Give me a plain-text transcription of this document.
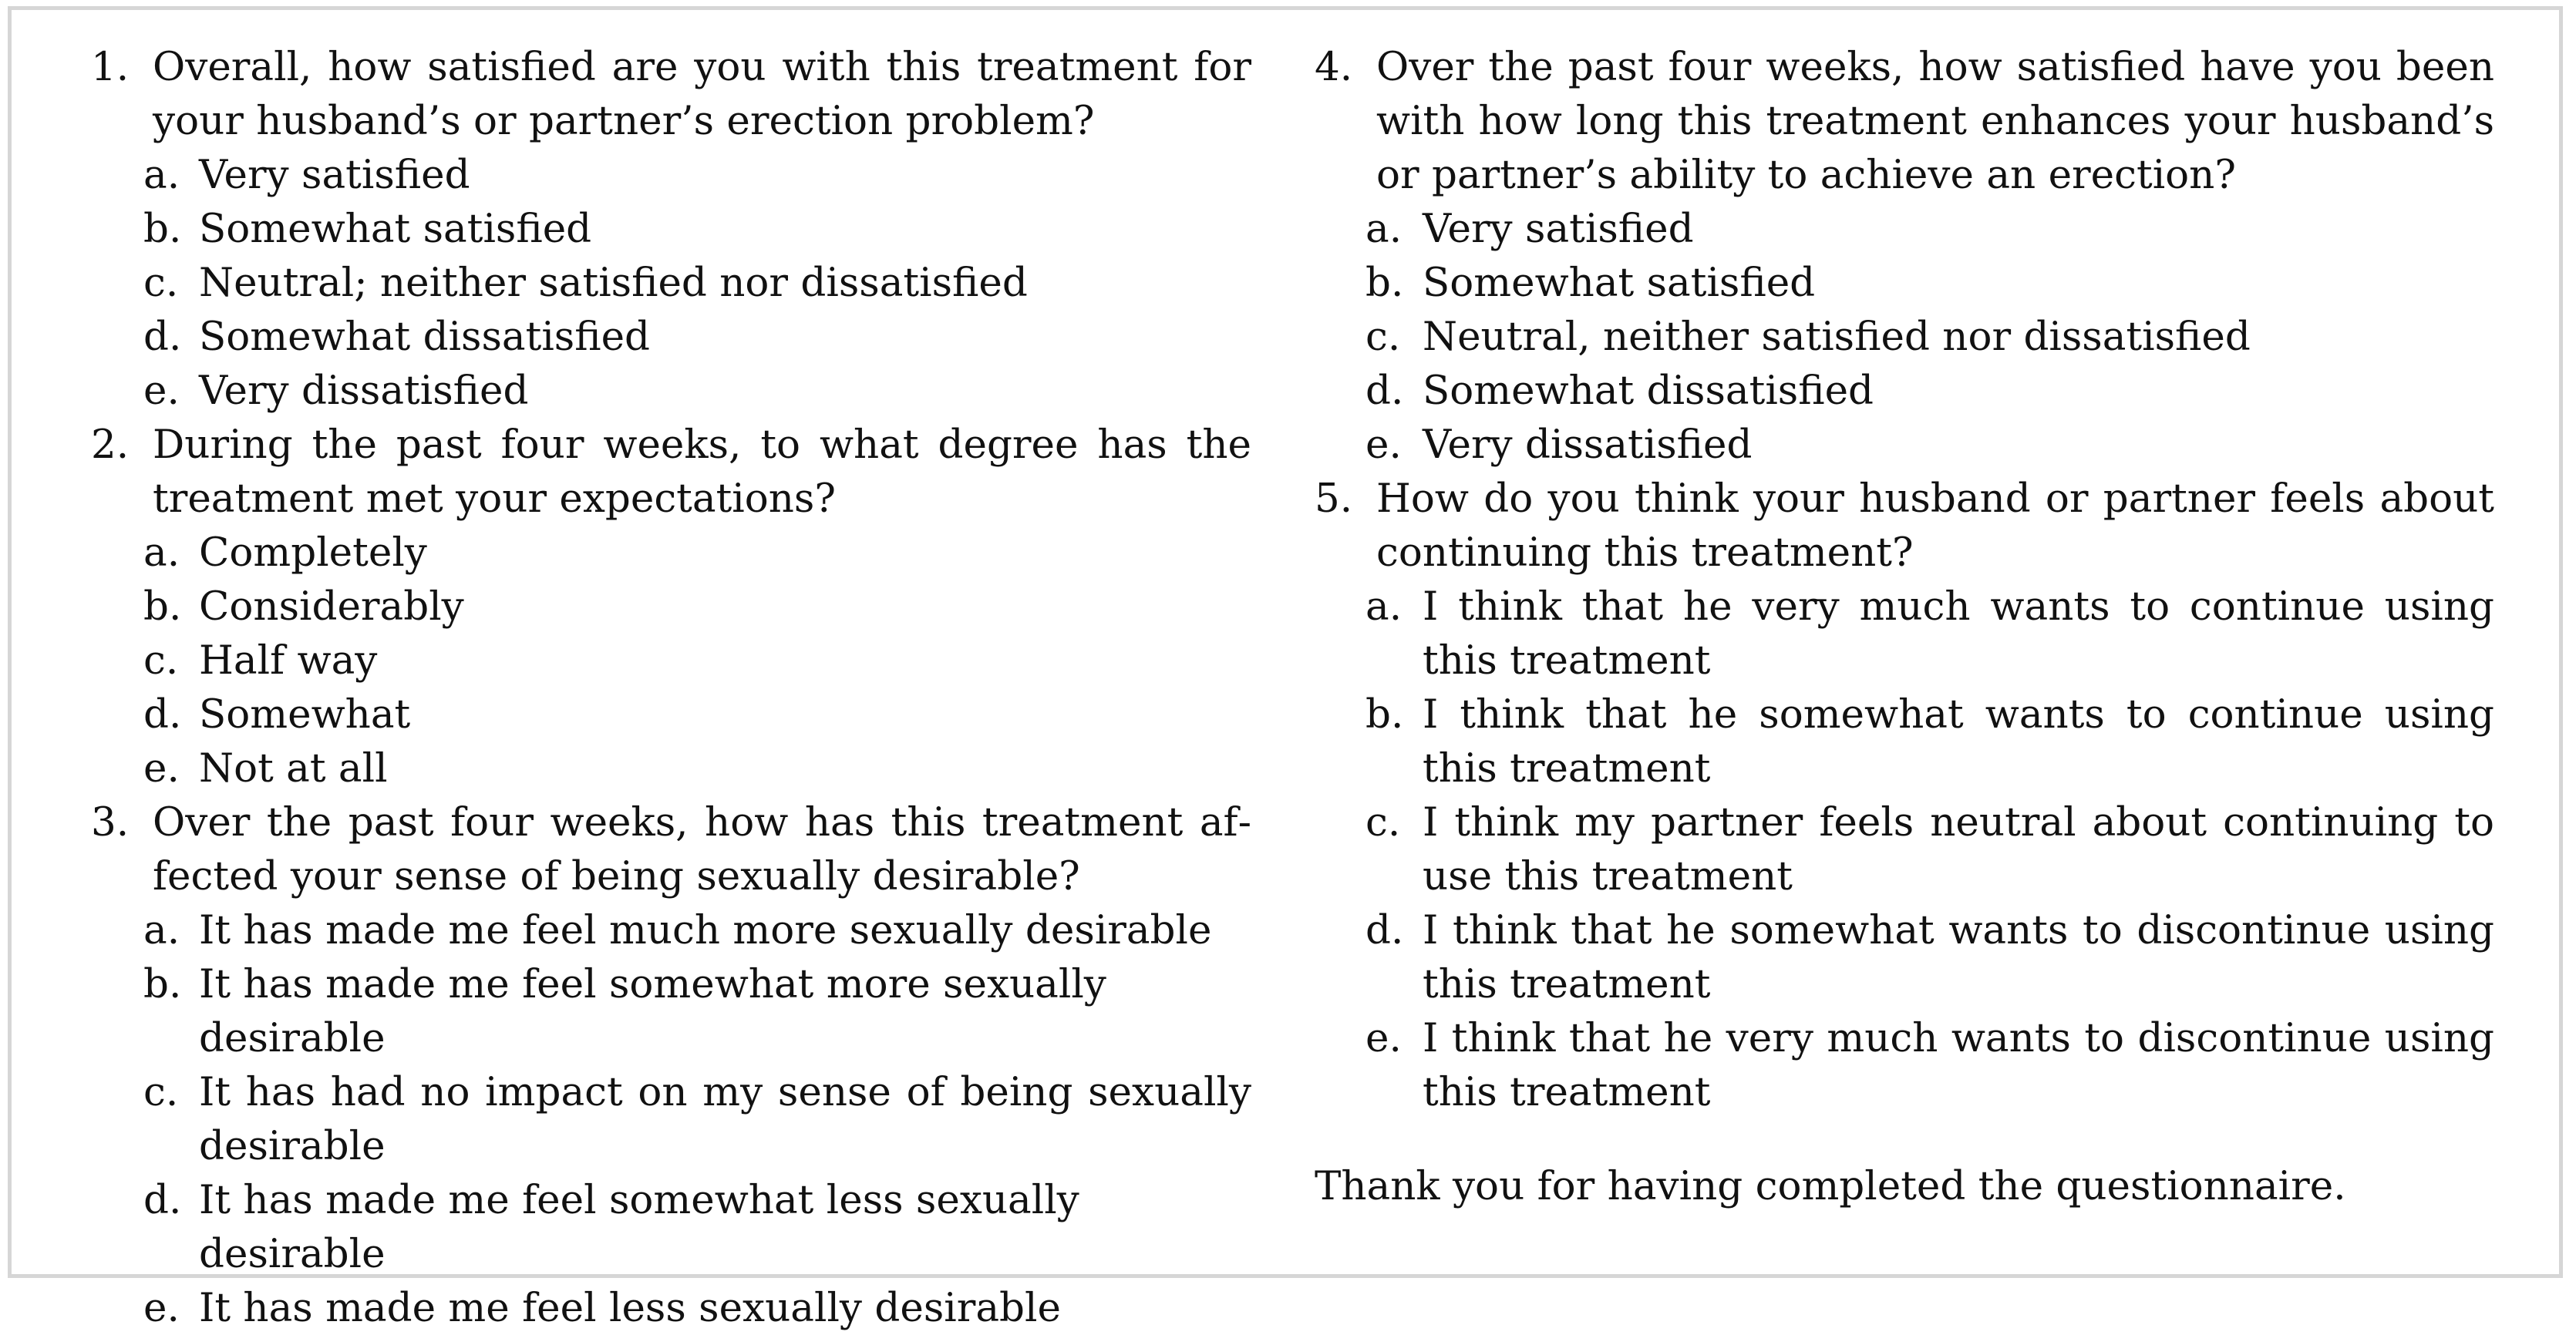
1. Overall, how satisfied are you with this treatment for your husband’s or partner’s erection problem?
a. Very satisfied
b. Somewhat satisfied
c. Neutral; neither satisfied nor dissatisfied
d. Somewhat dissatisfied
e. Very dissatisfied
2. During the past four weeks, to what degree has the treatment met your expectations?
a. Completely
b. Considerably
c. Half way
d. Somewhat
e. Not at all
3. Over the past four weeks, how has this treatment affected your sense of being sexually desirable?
a. It has made me feel much more sexually desirable
b. It has made me feel somewhat more sexually desirable
c. It has had no impact on my sense of being sexually desirable
d. It has made me feel somewhat less sexually desirable
e. It has made me feel less sexually desirable
4. Over the past four weeks, how satisfied have you been with how long this treatment enhances your husband’s or partner’s ability to achieve an erection?
a. Very satisfied
b. Somewhat satisfied
c. Neutral, neither satisfied nor dissatisfied
d. Somewhat dissatisfied
e. Very dissatisfied
5. How do you think your husband or partner feels about continuing this treatment?
a. I think that he very much wants to continue using this treatment
b. I think that he somewhat wants to continue using this treatment
c. I think my partner feels neutral about continuing to use this treatment
d. I think that he somewhat wants to discontinue using this treatment
e. I think that he very much wants to discontinue using this treatment
Thank you for having completed the questionnaire.
